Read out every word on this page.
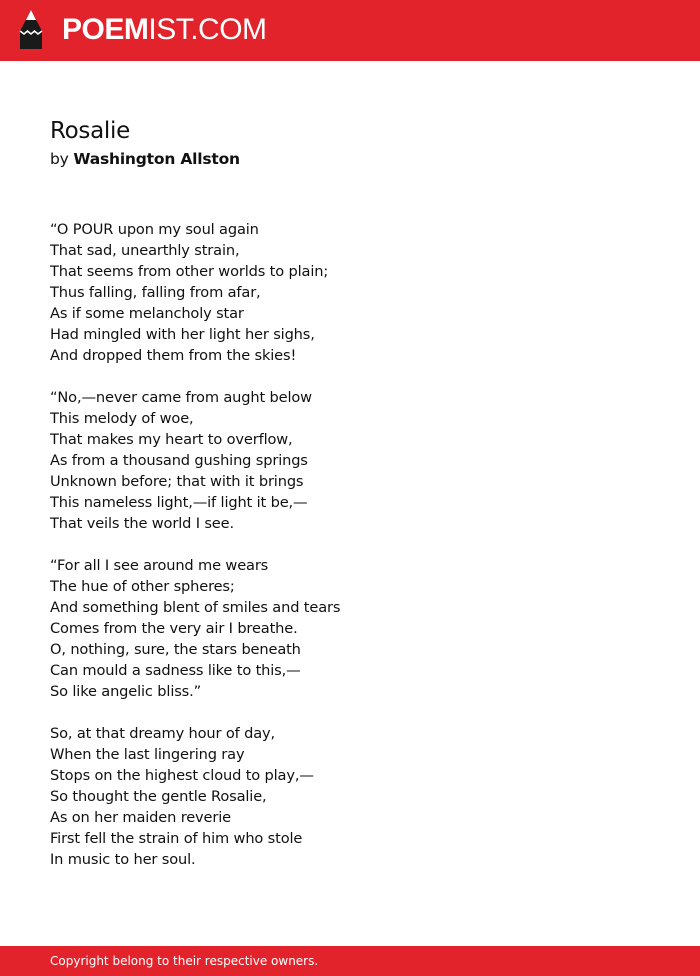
POEMIST.COM
Rosalie
by Washington Allston
“O POUR upon my soul again
That sad, unearthly strain,
That seems from other worlds to plain;
Thus falling, falling from afar,
As if some melancholy star
Had mingled with her light her sighs,
And dropped them from the skies!
“No,—never came from aught below
This melody of woe,
That makes my heart to overflow,
As from a thousand gushing springs
Unknown before; that with it brings
This nameless light,—if light it be,—
That veils the world I see.
“For all I see around me wears
The hue of other spheres;
And something blent of smiles and tears
Comes from the very air I breathe.
O, nothing, sure, the stars beneath
Can mould a sadness like to this,—
So like angelic bliss.”
So, at that dreamy hour of day,
When the last lingering ray
Stops on the highest cloud to play,—
So thought the gentle Rosalie,
As on her maiden reverie
First fell the strain of him who stole
In music to her soul.
Copyright belong to their respective owners.
